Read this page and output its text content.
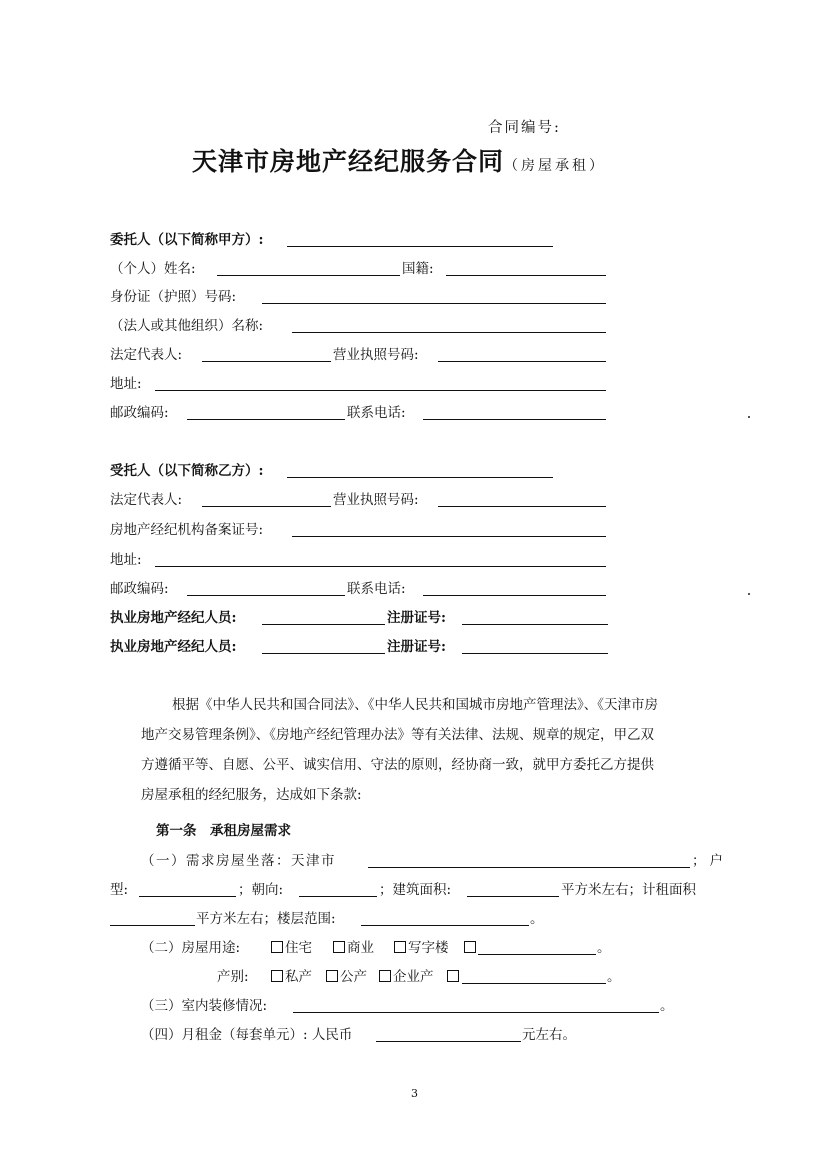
合同编号:
天津市房地产经纪服务合同（房屋承租）
委托人（以下简称甲方）:
（个人）姓名:	国籍:
身份证（护照）号码:
（法人或其他组织）名称:
法定代表人:	营业执照号码:
地址:
邮政编码:	联系电话:
受托人（以下简称乙方）:
法定代表人:	营业执照号码:
房地产经纪机构备案证号:
地址:
邮政编码:	联系电话:
执业房地产经纪人员:	注册证号:
执业房地产经纪人员:	注册证号:
根据《中华人民共和国合同法》、《中华人民共和国城市房地产管理法》、《天津市房
地产交易管理条例》、《房地产经纪管理办法》等有关法律、法规、规章的规定，甲乙双
方遵循平等、自愿、公平、诚实信用、守法的原则，经协商一致，就甲方委托乙方提供
房屋承租的经纪服务，达成如下条款:
第一条　承租房屋需求
（一）需求房屋坐落：天津市	；户
型:	；朝向:	；建筑面积:	平方米左右；计租面积
平方米左右；楼层范围:	。
（二）房屋用途:	住宅	商业	写字楼	。
产别:	私产	公产	企业产	。
（三）室内装修情况:	。
（四）月租金（每套单元）: 人民币	元左右。
3
